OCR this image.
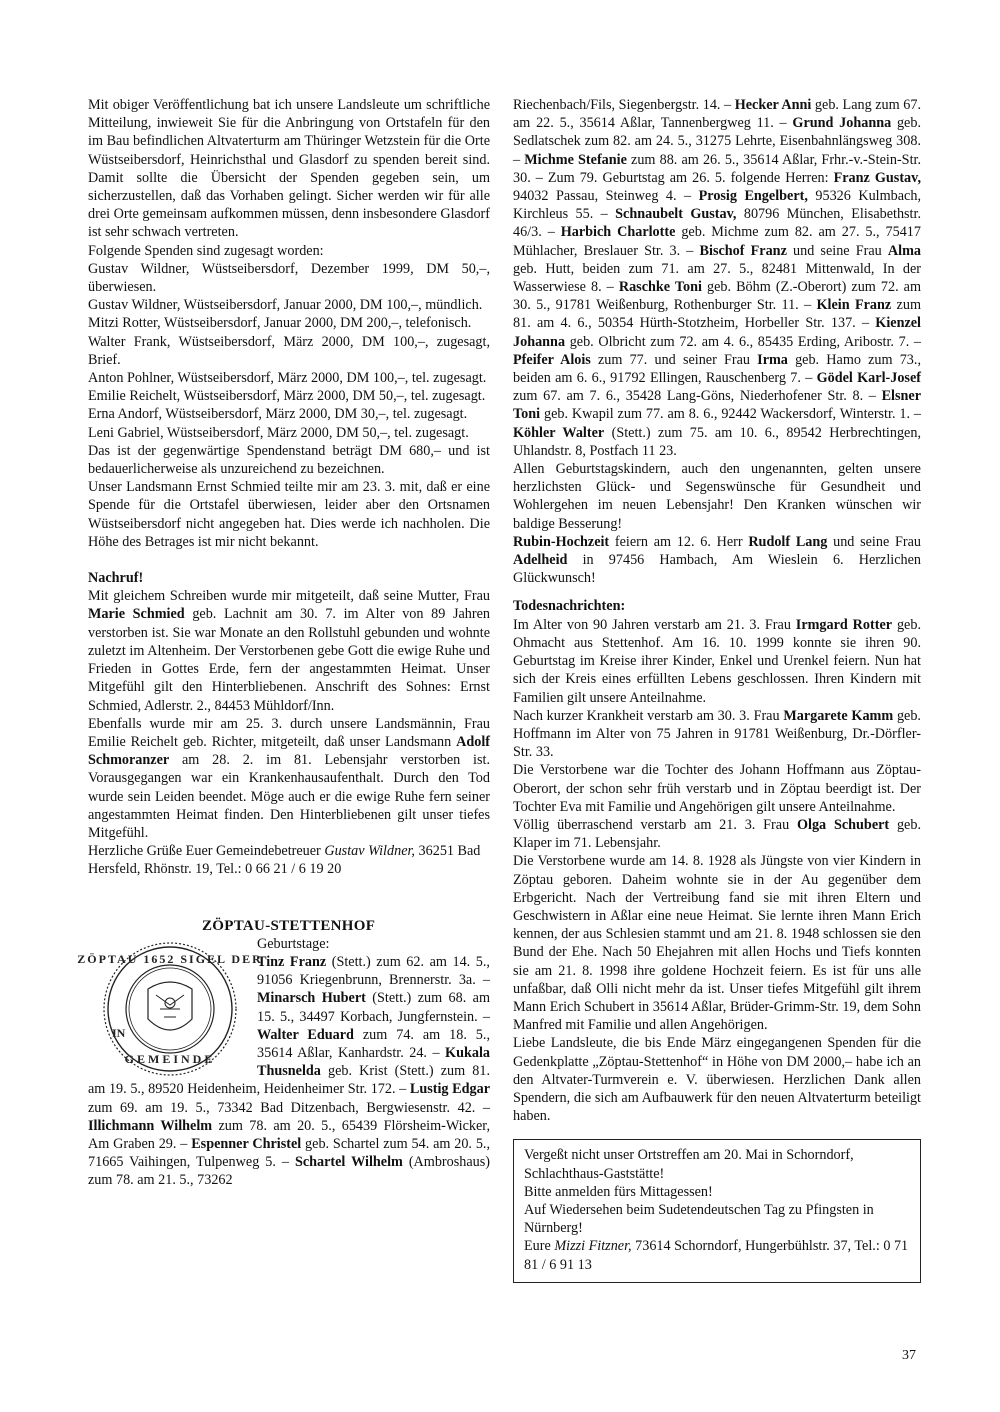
Mit obiger Veröffentlichung bat ich unsere Landsleute um schriftliche Mitteilung, inwieweit Sie für die Anbringung von Ortstafeln für den im Bau befindlichen Altvaterturm am Thüringer Wetzstein für die Orte Wüstseibersdorf, Heinrichsthal und Glasdorf zu spenden bereit sind. Damit sollte die Übersicht der Spenden gegeben sein, um sicherzustellen, daß das Vorhaben gelingt. Sicher werden wir für alle drei Orte gemeinsam aufkommen müssen, denn insbesondere Glasdorf ist sehr schwach vertreten.

Folgende Spenden sind zugesagt worden:

Gustav Wildner, Wüstseibersdorf, Dezember 1999, DM 50,–, überwiesen.

Gustav Wildner, Wüstseibersdorf, Januar 2000, DM 100,–, mündlich.

Mitzi Rotter, Wüstseibersdorf, Januar 2000, DM 200,–, telefonisch.

Walter Frank, Wüstseibersdorf, März 2000, DM 100,–, zugesagt, Brief.

Anton Pohlner, Wüstseibersdorf, März 2000, DM 100,–, tel. zugesagt.

Emilie Reichelt, Wüstseibersdorf, März 2000, DM 50,–, tel. zugesagt.

Erna Andorf, Wüstseibersdorf, März 2000, DM 30,–, tel. zugesagt.

Leni Gabriel, Wüstseibersdorf, März 2000, DM 50,–, tel. zugesagt.

Das ist der gegenwärtige Spendenstand beträgt DM 680,– und ist bedauerlicherweise als unzureichend zu bezeichnen.

Unser Landsmann Ernst Schmied teilte mir am 23. 3. mit, daß er eine Spende für die Ortstafel überwiesen, leider aber den Ortsnamen Wüstseibersdorf nicht angegeben hat. Dies werde ich nachholen. Die Höhe des Betrages ist mir nicht bekannt.

Nachruf!

Mit gleichem Schreiben wurde mir mitgeteilt, daß seine Mutter, Frau Marie Schmied geb. Lachnit am 30. 7. im Alter von 89 Jahren verstorben ist. Sie war Monate an den Rollstuhl gebunden und wohnte zuletzt im Altenheim. Der Verstorbenen gebe Gott die ewige Ruhe und Frieden in Gottes Erde, fern der angestammten Heimat. Unser Mitgefühl gilt den Hinterbliebenen. Anschrift des Sohnes: Ernst Schmied, Adlerstr. 2., 84453 Mühldorf/Inn.

Ebenfalls wurde mir am 25. 3. durch unsere Landsmännin, Frau Emilie Reichelt geb. Richter, mitgeteilt, daß unser Landsmann Adolf Schmoranzer am 28. 2. im 81. Lebensjahr verstorben ist. Vorausgegangen war ein Krankenhausaufenthalt. Durch den Tod wurde sein Leiden beendet. Möge auch er die ewige Ruhe fern seiner angestammten Heimat finden. Den Hinterbliebenen gilt unser tiefes Mitgefühl.

Herzliche Grüße Euer Gemeindebetreuer Gustav Wildner, 36251 Bad Hersfeld, Rhönstr. 19, Tel.: 0 66 21 / 6 19 20

ZÖPTAU-STETTENHOF

ZÖPTAU 1652 SIGEL DER
GEMEINDE
IN

Geburtstage:

Tinz Franz (Stett.) zum 62. am 14. 5., 91056 Kriegenbrunn, Brennerstr. 3a. – Minarsch Hubert (Stett.) zum 68. am 15. 5., 34497 Korbach, Jungfernstein. – Walter Eduard zum 74. am 18. 5., 35614 Aßlar, Kanhardstr. 24. – Kukala Thusnelda geb. Krist (Stett.) zum 81. am 19. 5., 89520 Heidenheim, Heidenheimer Str. 172. – Lustig Edgar zum 69. am 19. 5., 73342 Bad Ditzenbach, Bergwiesenstr. 42. – Illichmann Wilhelm zum 78. am 20. 5., 65439 Flörsheim-Wicker, Am Graben 29. – Espenner Christel geb. Schartel zum 54. am 20. 5., 71665 Vaihingen, Tulpenweg 5. – Schartel Wilhelm (Ambroshaus) zum 78. am 21. 5., 73262

Riechenbach/Fils, Siegenbergstr. 14. – Hecker Anni geb. Lang zum 67. am 22. 5., 35614 Aßlar, Tannenbergweg 11. – Grund Johanna geb. Sedlatschek zum 82. am 24. 5., 31275 Lehrte, Eisenbahnlängsweg 308. – Michme Stefanie zum 88. am 26. 5., 35614 Aßlar, Frhr.-v.-Stein-Str. 30. – Zum 79. Geburtstag am 26. 5. folgende Herren: Franz Gustav, 94032 Passau, Steinweg 4. – Prosig Engelbert, 95326 Kulmbach, Kirchleus 55. – Schnaubelt Gustav, 80796 München, Elisabethstr. 46/3. – Harbich Charlotte geb. Michme zum 82. am 27. 5., 75417 Mühlacher, Breslauer Str. 3. – Bischof Franz und seine Frau Alma geb. Hutt, beiden zum 71. am 27. 5., 82481 Mittenwald, In der Wasserwiese 8. – Raschke Toni geb. Böhm (Z.-Oberort) zum 72. am 30. 5., 91781 Weißenburg, Rothenburger Str. 11. – Klein Franz zum 81. am 4. 6., 50354 Hürth-Stotzheim, Horbeller Str. 137. – Kienzel Johanna geb. Olbricht zum 72. am 4. 6., 85435 Erding, Aribostr. 7. – Pfeifer Alois zum 77. und seiner Frau Irma geb. Hamo zum 73., beiden am 6. 6., 91792 Ellingen, Rauschenberg 7. – Gödel Karl-Josef zum 67. am 7. 6., 35428 Lang-Göns, Niederhofener Str. 8. – Elsner Toni geb. Kwapil zum 77. am 8. 6., 92442 Wackersdorf, Winterstr. 1. – Köhler Walter (Stett.) zum 75. am 10. 6., 89542 Herbrechtingen, Uhlandstr. 8, Postfach 11 23.

Allen Geburtstagskindern, auch den ungenannten, gelten unsere herzlichsten Glück- und Segenswünsche für Gesundheit und Wohlergehen im neuen Lebensjahr! Den Kranken wünschen wir baldige Besserung!

Rubin-Hochzeit feiern am 12. 6. Herr Rudolf Lang und seine Frau Adelheid in 97456 Hambach, Am Wieslein 6. Herzlichen Glückwunsch!

Todesnachrichten:

Im Alter von 90 Jahren verstarb am 21. 3. Frau Irmgard Rotter geb. Ohmacht aus Stettenhof. Am 16. 10. 1999 konnte sie ihren 90. Geburtstag im Kreise ihrer Kinder, Enkel und Urenkel feiern. Nun hat sich der Kreis eines erfüllten Lebens geschlossen. Ihren Kindern mit Familien gilt unsere Anteilnahme.

Nach kurzer Krankheit verstarb am 30. 3. Frau Margarete Kamm geb. Hoffmann im Alter von 75 Jahren in 91781 Weißenburg, Dr.-Dörfler-Str. 33.

Die Verstorbene war die Tochter des Johann Hoffmann aus Zöptau-Oberort, der schon sehr früh verstarb und in Zöptau beerdigt ist. Der Tochter Eva mit Familie und Angehörigen gilt unsere Anteilnahme.

Völlig überraschend verstarb am 21. 3. Frau Olga Schubert geb. Klaper im 71. Lebensjahr.

Die Verstorbene wurde am 14. 8. 1928 als Jüngste von vier Kindern in Zöptau geboren. Daheim wohnte sie in der Au gegenüber dem Erbgericht. Nach der Vertreibung fand sie mit ihren Eltern und Geschwistern in Aßlar eine neue Heimat. Sie lernte ihren Mann Erich kennen, der aus Schlesien stammt und am 21. 8. 1948 schlossen sie den Bund der Ehe. Nach 50 Ehejahren mit allen Hochs und Tiefs konnten sie am 21. 8. 1998 ihre goldene Hochzeit feiern. Es ist für uns alle unfaßbar, daß Olli nicht mehr da ist. Unser tiefes Mitgefühl gilt ihrem Mann Erich Schubert in 35614 Aßlar, Brüder-Grimm-Str. 19, dem Sohn Manfred mit Familie und allen Angehörigen.

Liebe Landsleute, die bis Ende März eingegangenen Spenden für die Gedenkplatte „Zöptau-Stettenhof“ in Höhe von DM 2000,– habe ich an den Altvater-Turmverein e. V. überwiesen. Herzlichen Dank allen Spendern, die sich am Aufbauwerk für den neuen Altvaterturm beteiligt haben.

Vergeßt nicht unser Ortstreffen am 20. Mai in Schorndorf, Schlachthaus-Gaststätte!

Bitte anmelden fürs Mittagessen!

Auf Wiedersehen beim Sudetendeutschen Tag zu Pfingsten in Nürnberg!

Eure Mizzi Fitzner, 73614 Schorndorf, Hungerbühlstr. 37, Tel.: 0 71 81 / 6 91 13

37
